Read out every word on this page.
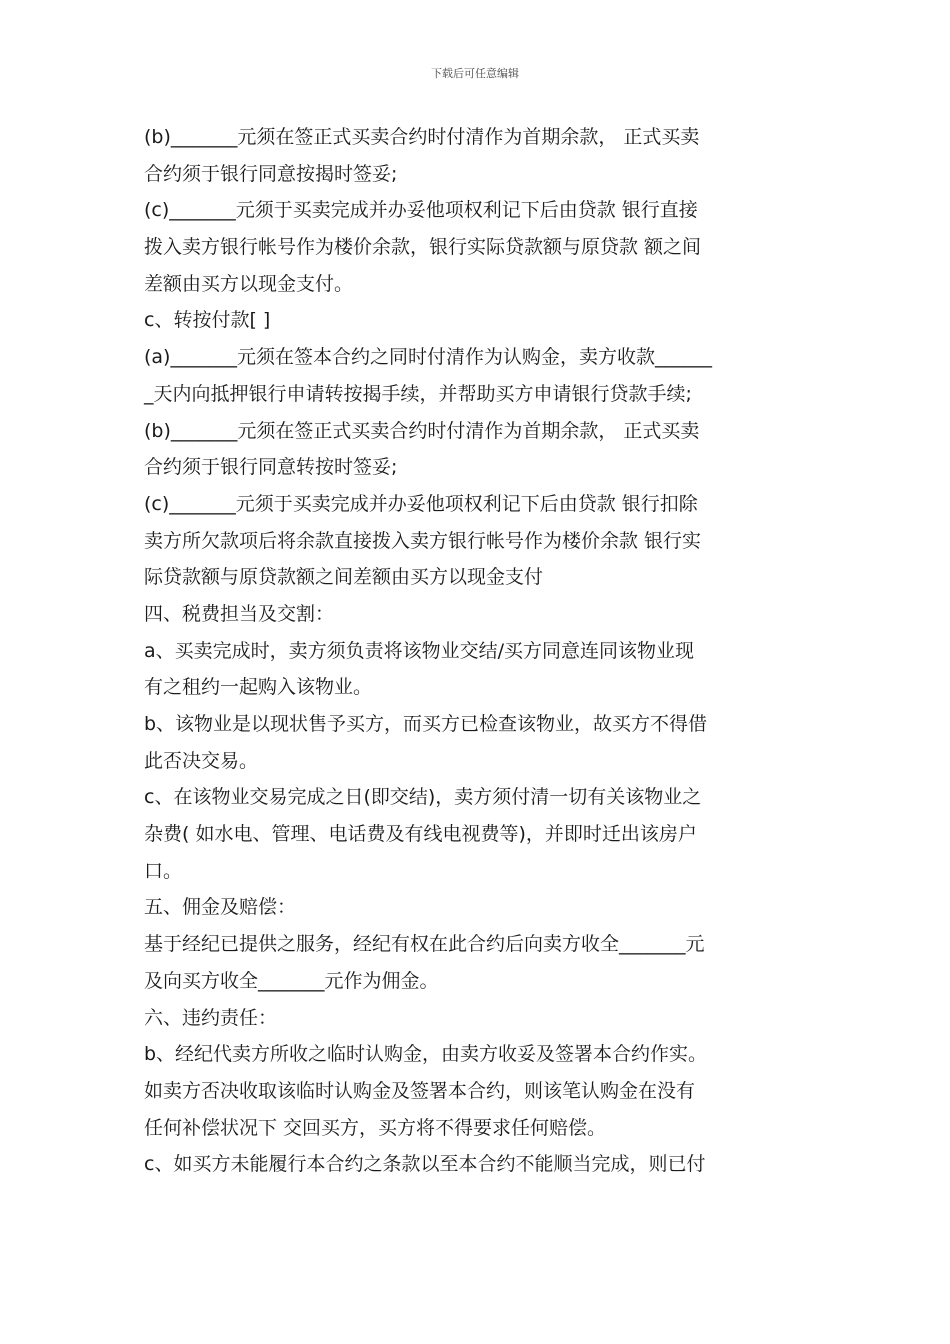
下载后可任意编辑
(b)_______元须在签正式买卖合约时付清作为首期余款， 正式买卖
合约须于银行同意按揭时签妥;
(c)_______元须于买卖完成并办妥他项权利记下后由贷款 银行直接
拨入卖方银行帐号作为楼价余款，银行实际贷款额与原贷款 额之间
差额由买方以现金支付。
c、转按付款[ ]
(a)_______元须在签本合约之同时付清作为认购金，卖方收款______
_天内向抵押银行申请转按揭手续，并帮助买方申请银行贷款手续;
(b)_______元须在签正式买卖合约时付清作为首期余款， 正式买卖
合约须于银行同意转按时签妥;
(c)_______元须于买卖完成并办妥他项权利记下后由贷款 银行扣除
卖方所欠款项后将余款直接拨入卖方银行帐号作为楼价余款 银行实
际贷款额与原贷款额之间差额由买方以现金支付
四、税费担当及交割：
a、买卖完成时，卖方须负责将该物业交结/买方同意连同该物业现
有之租约一起购入该物业。
b、该物业是以现状售予买方，而买方已检查该物业，故买方不得借
此否决交易。
c、在该物业交易完成之日(即交结)，卖方须付清一切有关该物业之
杂费( 如水电、管理、电话费及有线电视费等)，并即时迁出该房户
口。
五、佣金及赔偿：
基于经纪已提供之服务，经纪有权在此合约后向卖方收全_______元
及向买方收全_______元作为佣金。
六、违约责任：
b、经纪代卖方所收之临时认购金，由卖方收妥及签署本合约作实。
如卖方否决收取该临时认购金及签署本合约，则该笔认购金在没有
任何补偿状况下 交回买方，买方将不得要求任何赔偿。
c、如买方未能履行本合约之条款以至本合约不能顺当完成，则已付
